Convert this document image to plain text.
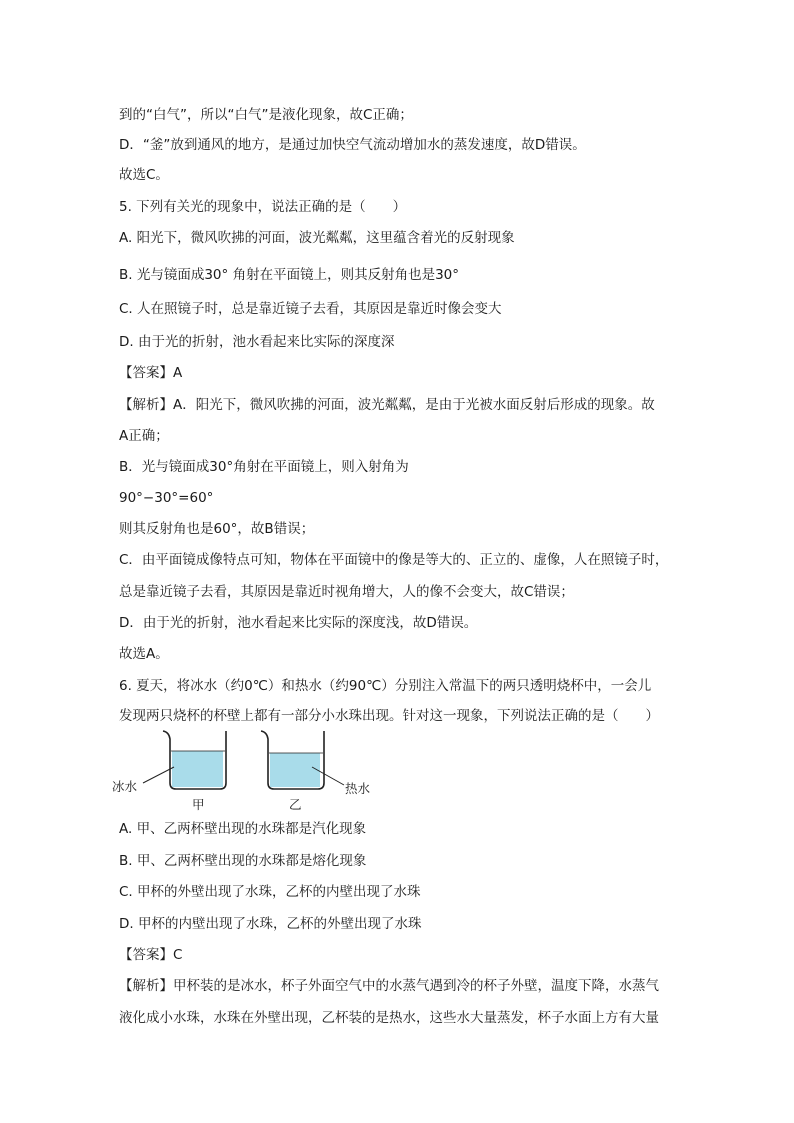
到的“白气”，所以“白气”是液化现象，故C正确；
D．“釜”放到通风的地方，是通过加快空气流动增加水的蒸发速度，故D错误。
故选C。
5. 下列有关光的现象中，说法正确的是（　　）
A. 阳光下，微风吹拂的河面，波光粼粼，这里蕴含着光的反射现象
B. 光与镜面成30° 角射在平面镜上，则其反射角也是30°
C. 人在照镜子时，总是靠近镜子去看，其原因是靠近时像会变大
D. 由于光的折射，池水看起来比实际的深度深
【答案】A
【解析】A．阳光下，微风吹拂的河面，波光粼粼，是由于光被水面反射后形成的现象。故
A正确；
B．光与镜面成30°角射在平面镜上，则入射角为
90°−30°=60°
则其反射角也是60°，故B错误；
C．由平面镜成像特点可知，物体在平面镜中的像是等大的、正立的、虚像，人在照镜子时，
总是靠近镜子去看，其原因是靠近时视角增大，人的像不会变大，故C错误；
D．由于光的折射，池水看起来比实际的深度浅，故D错误。
故选A。
6. 夏天，将冰水（约0℃）和热水（约90℃）分别注入常温下的两只透明烧杯中，一会儿
发现两只烧杯的杯壁上都有一部分小水珠出现。针对这一现象，下列说法正确的是（　　）
冰水	热水
甲	乙
A. 甲、乙两杯壁出现的水珠都是汽化现象
B. 甲、乙两杯壁出现的水珠都是熔化现象
C. 甲杯的外壁出现了水珠，乙杯的内壁出现了水珠
D. 甲杯的内壁出现了水珠，乙杯的外壁出现了水珠
【答案】C
【解析】甲杯装的是冰水，杯子外面空气中的水蒸气遇到冷的杯子外壁，温度下降，水蒸气
液化成小水珠，水珠在外壁出现，乙杯装的是热水，这些水大量蒸发，杯子水面上方有大量
